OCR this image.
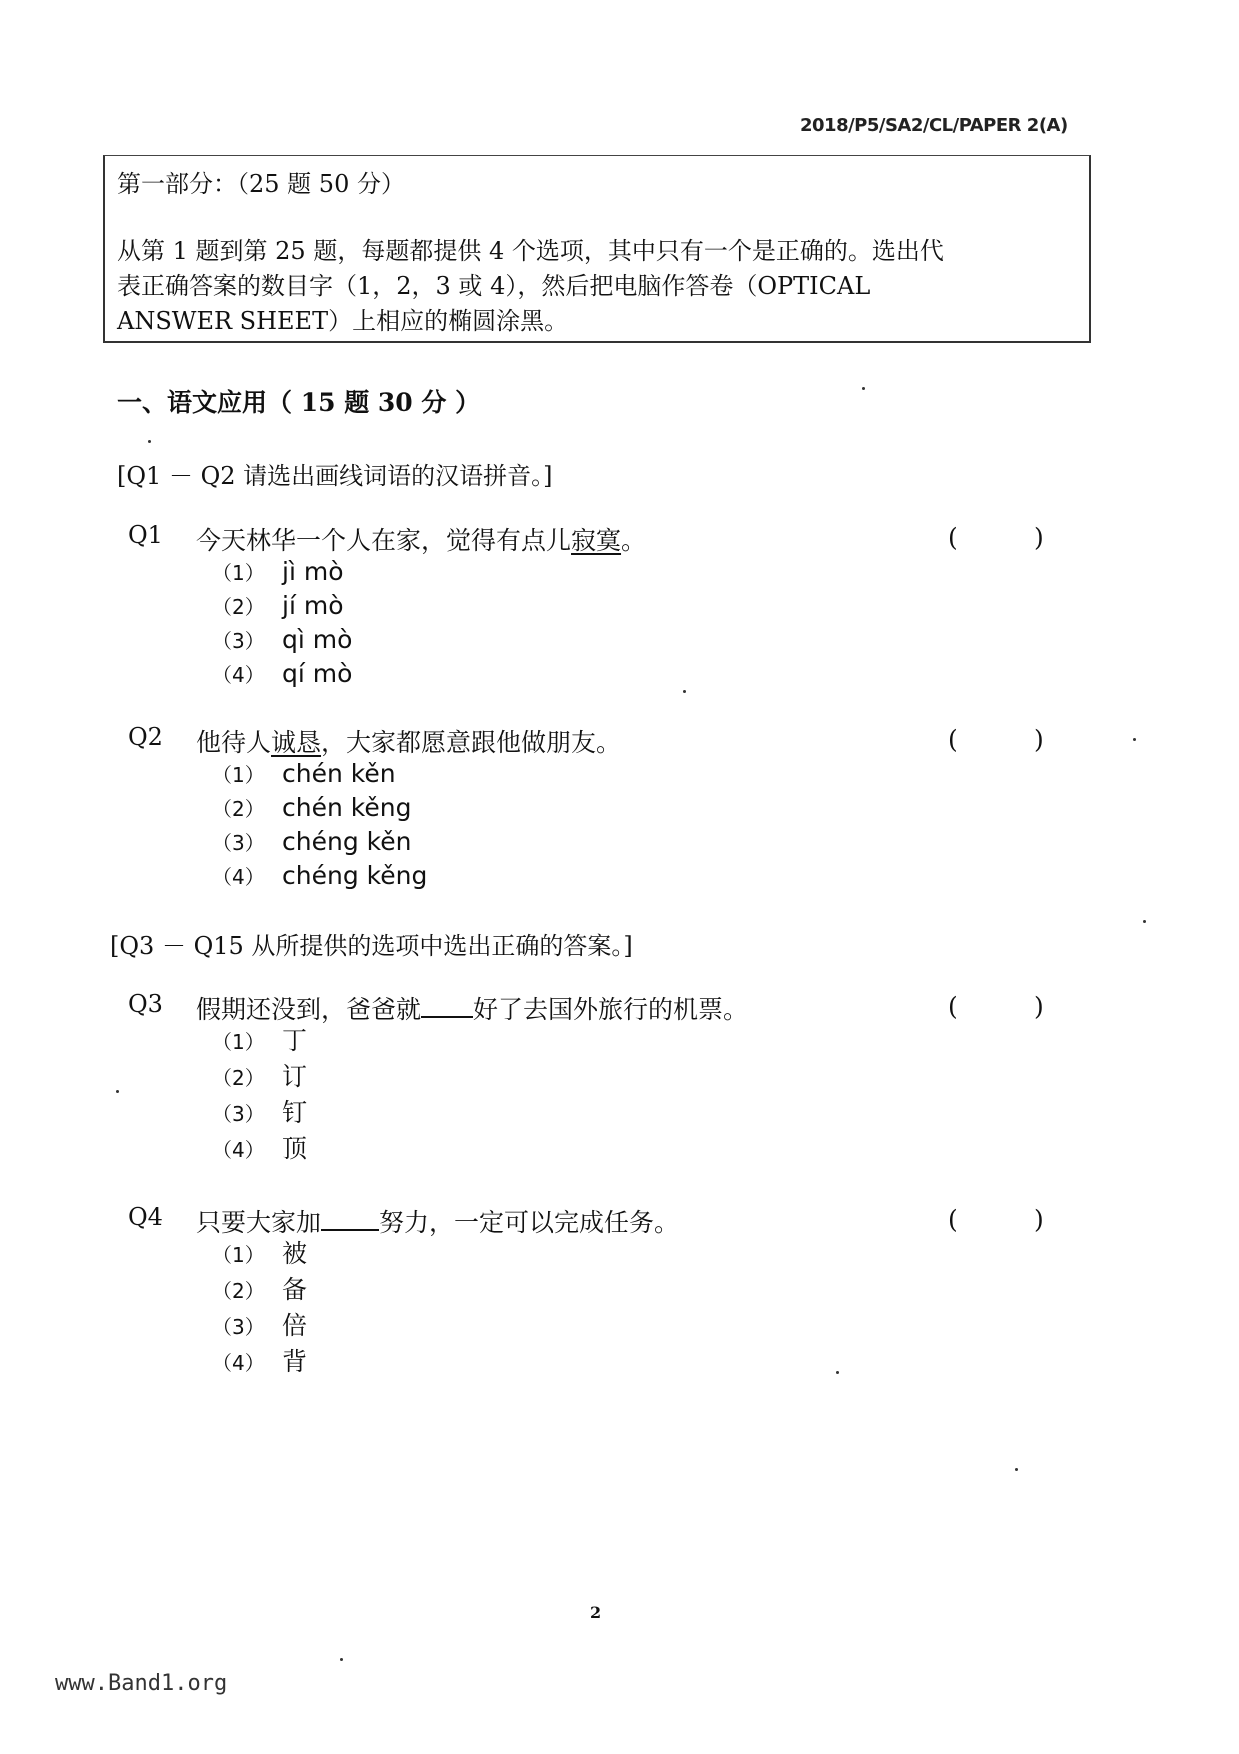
2018/P5/SA2/CL/PAPER 2(A)
第一部分：（25 题 50 分）
从第 1 题到第 25 题，每题都提供 4 个选项，其中只有一个是正确的。选出代
表正确答案的数目字（1，2，3 或 4），然后把电脑作答卷（OPTICAL
ANSWER SHEET）上相应的椭圆涂黑。
一、语文应用（ 15 题 30 分 ）
[Q1 － Q2 请选出画线词语的汉语拼音。]
Q1 今天林华一个人在家，觉得有点儿寂寞。	(	)
（1） jì mò
（2） jí mò
（3） qì mò
（4） qí mò
Q2 他待人诚恳，大家都愿意跟他做朋友。	(	)
（1） chén kěn
（2） chén kěng
（3） chéng kěn
（4） chéng kěng
[Q3 － Q15 从所提供的选项中选出正确的答案。]
Q3 假期还没到，爸爸就 好了去国外旅行的机票。	(	)
（1） 丁
（2） 订
（3） 钉
（4） 顶
Q4 只要大家加 努力，一定可以完成任务。	(	)
（1） 被
（2） 备
（3） 倍
（4） 背
2
www.Band1.org
